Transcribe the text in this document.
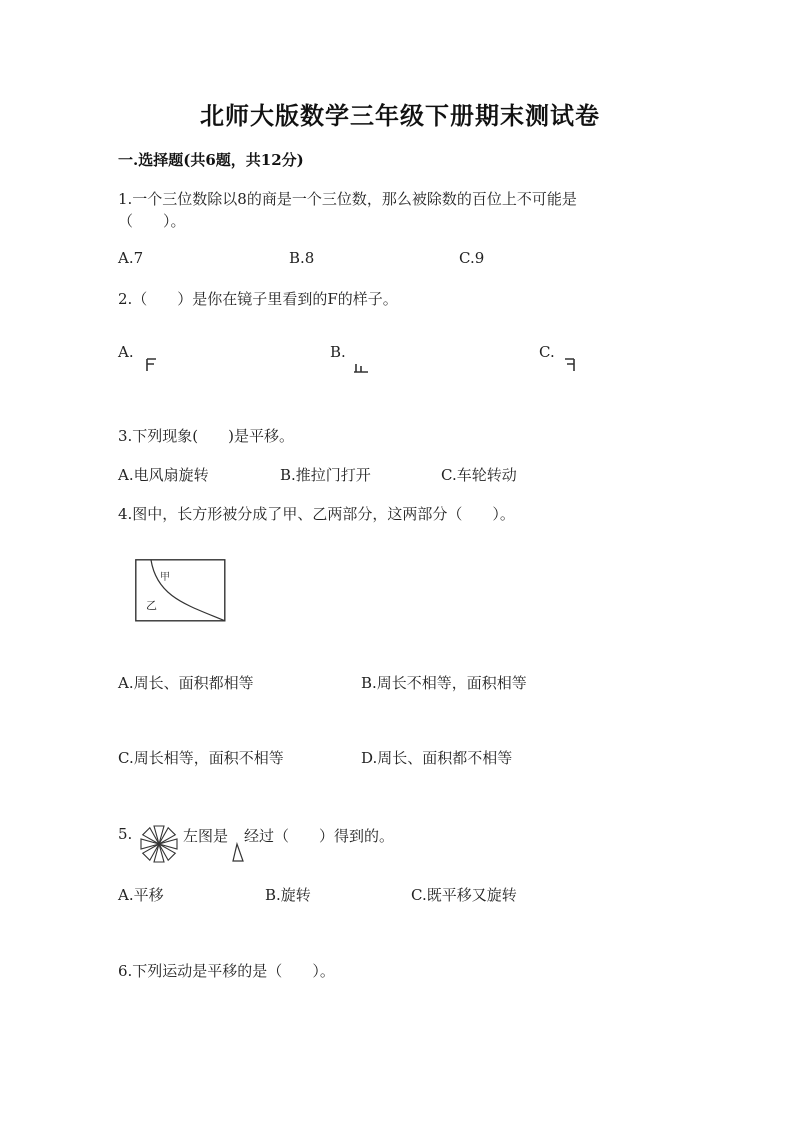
北师大版数学三年级下册期末测试卷
一.选择题(共6题，共12分)
1.一个三位数除以8的商是一个三位数，那么被除数的百位上不可能是
（　　）。
A.7	B.8	C.9
2.（　　）是你在镜子里看到的F的样子。
A.	B.	C.
3.下列现象(　　)是平移。
A.电风扇旋转	B.推拉门打开	C.车轮转动
4.图中，长方形被分成了甲、乙两部分，这两部分（　　）。
甲
乙
A.周长、面积都相等	B.周长不相等，面积相等
C.周长相等，面积不相等	D.周长、面积都不相等
5.	左图是 经过（　　）得到的。
A.平移	B.旋转	C.既平移又旋转
6.下列运动是平移的是（　　）。
